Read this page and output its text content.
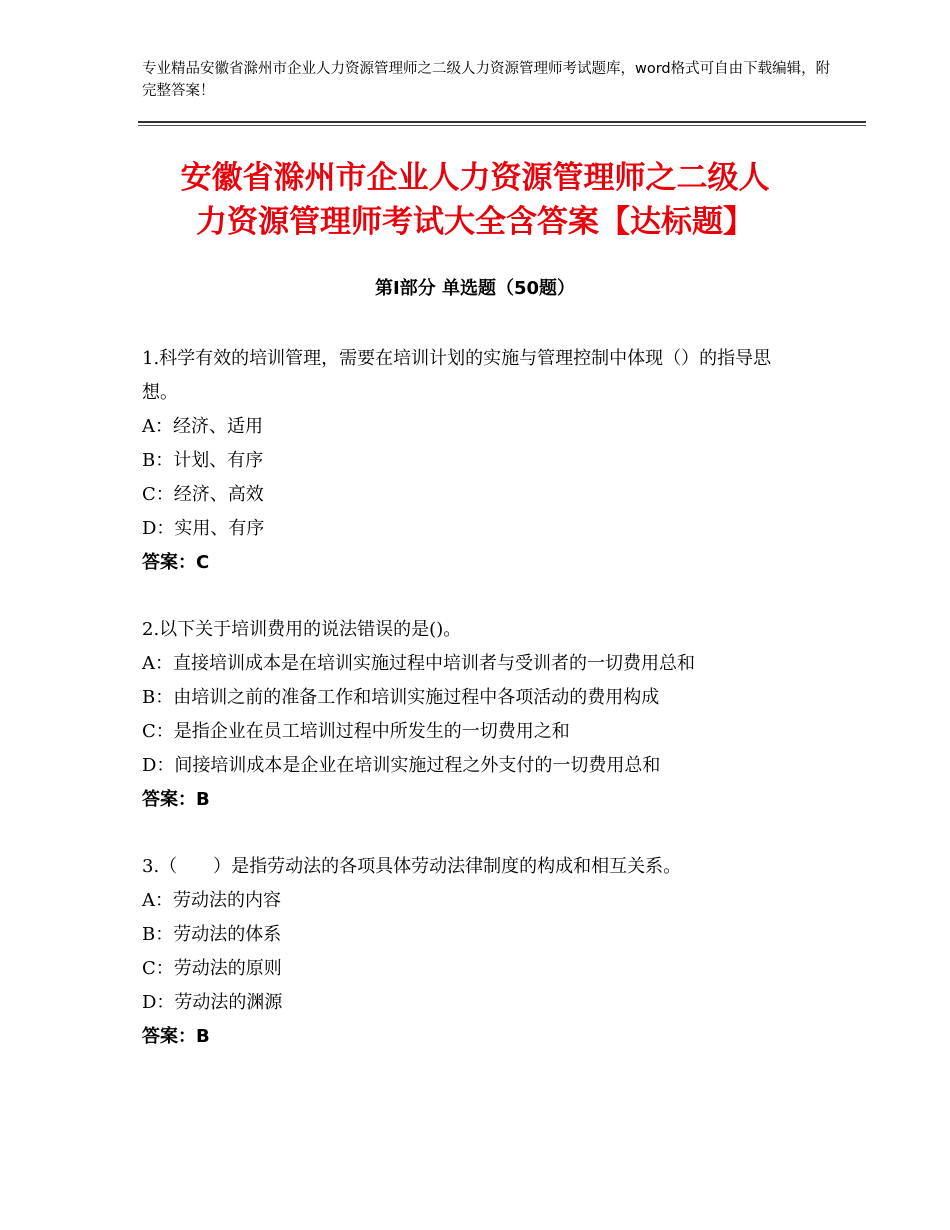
专业精品安徽省滁州市企业人力资源管理师之二级人力资源管理师考试题库，word格式可自由下载编辑，附完整答案！
安徽省滁州市企业人力资源管理师之二级人
力资源管理师考试大全含答案【达标题】
第Ⅰ部分 单选题（50题）

1.科学有效的培训管理，需要在培训计划的实施与管理控制中体现（）的指导思想。

A：经济、适用

B：计划、有序

C：经济、高效

D：实用、有序

答案：C

2.以下关于培训费用的说法错误的是()。

A：直接培训成本是在培训实施过程中培训者与受训者的一切费用总和

B：由培训之前的准备工作和培训实施过程中各项活动的费用构成

C：是指企业在员工培训过程中所发生的一切费用之和

D：间接培训成本是企业在培训实施过程之外支付的一切费用总和

答案：B

3.（　　）是指劳动法的各项具体劳动法律制度的构成和相互关系。

A：劳动法的内容

B：劳动法的体系

C：劳动法的原则

D：劳动法的渊源

答案：B
